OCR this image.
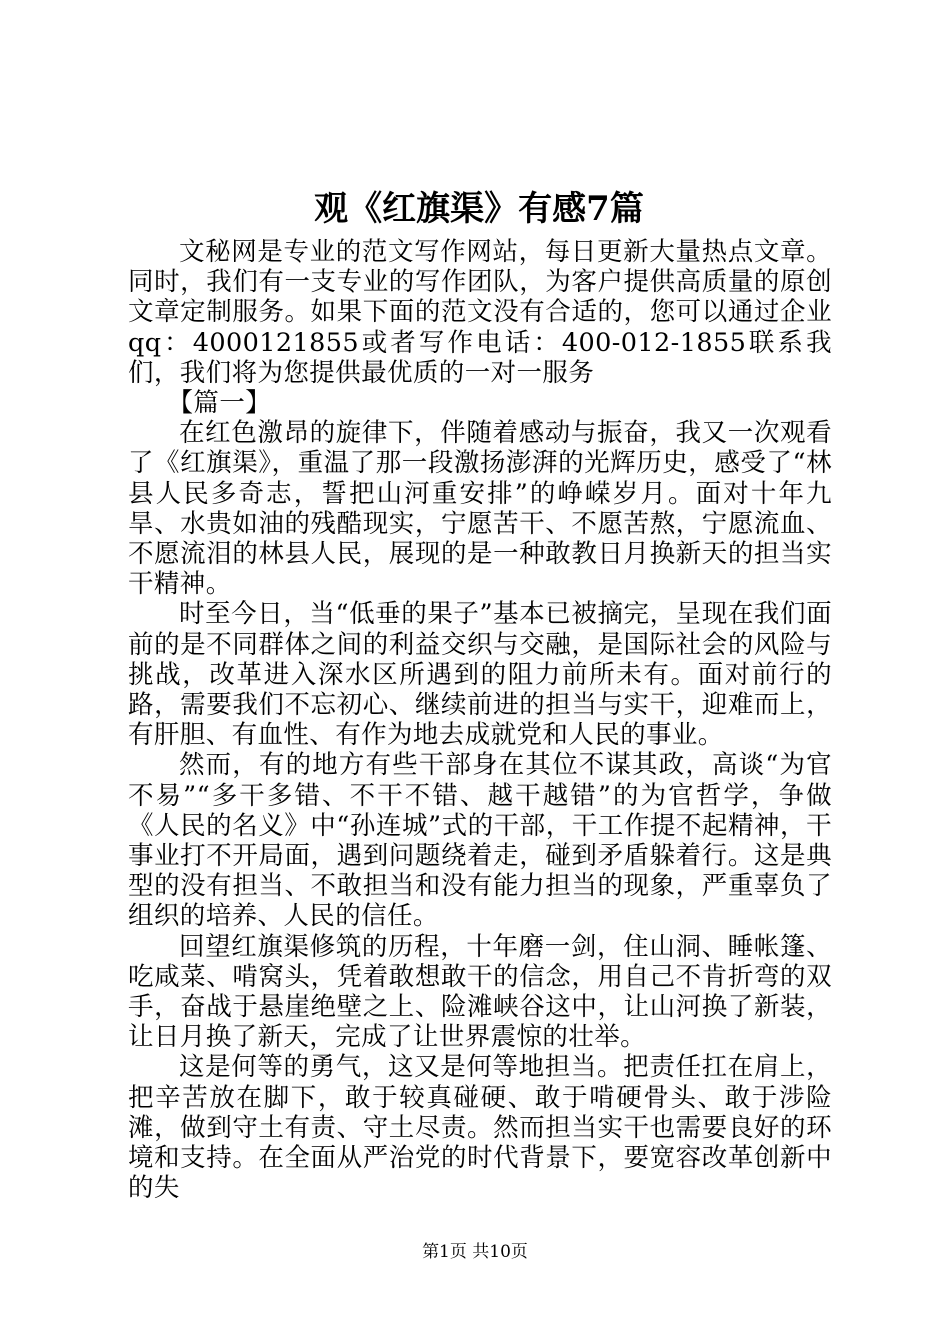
观《红旗渠》有感7篇

文秘网是专业的范文写作网站，每日更新大量热点文章。同时，我们有一支专业的写作团队，为客户提供高质量的原创文章定制服务。如果下面的范文没有合适的，您可以通过企业qq：4000121855或者写作电话：400-012-1855联系我们，我们将为您提供最优质的一对一服务

【篇一】

在红色激昂的旋律下，伴随着感动与振奋，我又一次观看了《红旗渠》，重温了那一段激扬澎湃的光辉历史，感受了“林县人民多奇志，誓把山河重安排”的峥嵘岁月。面对十年九旱、水贵如油的残酷现实，宁愿苦干、不愿苦熬，宁愿流血、不愿流泪的林县人民，展现的是一种敢教日月换新天的担当实干精神。

时至今日，当“低垂的果子”基本已被摘完，呈现在我们面前的是不同群体之间的利益交织与交融，是国际社会的风险与挑战，改革进入深水区所遇到的阻力前所未有。面对前行的路，需要我们不忘初心、继续前进的担当与实干，迎难而上，有肝胆、有血性、有作为地去成就党和人民的事业。

然而，有的地方有些干部身在其位不谋其政，高谈“为官不易”“多干多错、不干不错、越干越错”的为官哲学，争做《人民的名义》中“孙连城”式的干部，干工作提不起精神，干事业打不开局面，遇到问题绕着走，碰到矛盾躲着行。这是典型的没有担当、不敢担当和没有能力担当的现象，严重辜负了组织的培养、人民的信任。

回望红旗渠修筑的历程，十年磨一剑，住山洞、睡帐篷、吃咸菜、啃窝头，凭着敢想敢干的信念，用自己不肯折弯的双手，奋战于悬崖绝壁之上、险滩峡谷这中，让山河换了新装，让日月换了新天，完成了让世界震惊的壮举。

这是何等的勇气，这又是何等地担当。把责任扛在肩上，把辛苦放在脚下，敢于较真碰硬、敢于啃硬骨头、敢于涉险滩，做到守土有责、守土尽责。然而担当实干也需要良好的环境和支持。在全面从严治党的时代背景下，要宽容改革创新中的失

第1页 共10页
